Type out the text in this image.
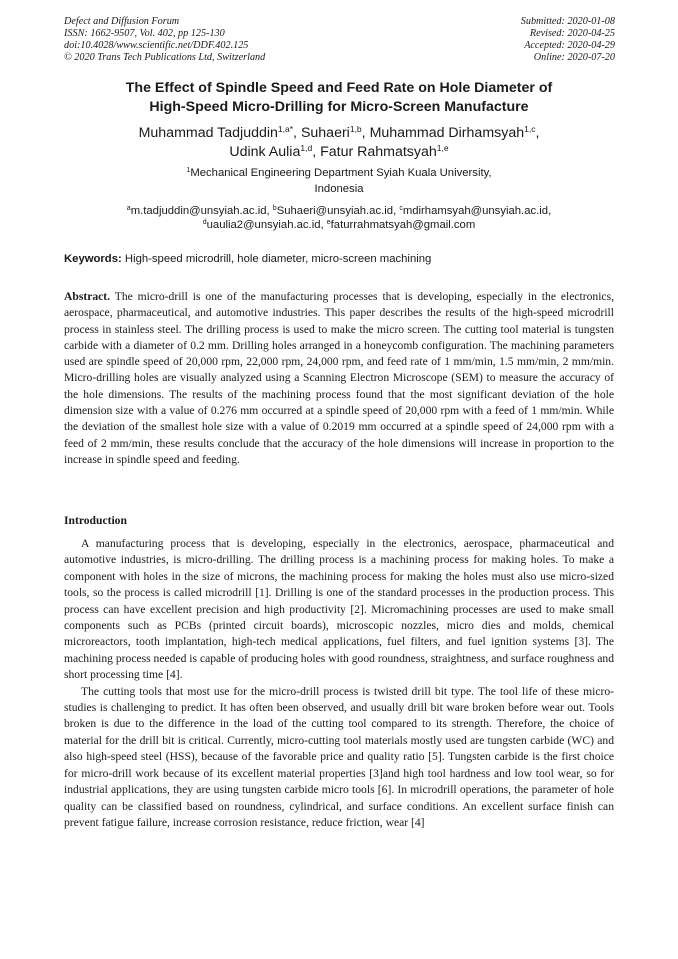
Defect and Diffusion Forum
ISSN: 1662-9507, Vol. 402, pp 125-130
doi:10.4028/www.scientific.net/DDF.402.125
© 2020 Trans Tech Publications Ltd, Switzerland
Submitted: 2020-01-08
Revised: 2020-04-25
Accepted: 2020-04-29
Online: 2020-07-20
The Effect of Spindle Speed and Feed Rate on Hole Diameter of
High-Speed Micro-Drilling for Micro-Screen Manufacture
Muhammad Tadjuddin$^{1,a*}$, Suhaeri$^{1,b}$, Muhammad Dirhamsyah$^{1,c}$,
Udink Aulia$^{1,d}$, Fatur Rahmatsyah$^{1,e}$
$^1$Mechanical Engineering Department Syiah Kuala University,
Indonesia
$^a$m.tadjuddin@unsyiah.ac.id, $^b$Suhaeri@unsyiah.ac.id, $^c$mdirhamsyah@unsyiah.ac.id,
$^d$uaulia2@unsyiah.ac.id, $^e$faturrahmatsyah@gmail.com
Keywords: High-speed microdrill, hole diameter, micro-screen machining

Abstract. The micro-drill is one of the manufacturing processes that is developing, especially in the electronics, aerospace, pharmaceutical, and automotive industries. This paper describes the results of the high-speed microdrill process in stainless steel. The drilling process is used to make the micro screen. The cutting tool material is tungsten carbide with a diameter of 0.2 mm. Drilling holes arranged in a honeycomb configuration. The machining parameters used are spindle speed of 20,000 rpm, 22,000 rpm, 24,000 rpm, and feed rate of 1 mm/min, 1.5 mm/min, 2 mm/min. Micro-drilling holes are visually analyzed using a Scanning Electron Microscope (SEM) to measure the accuracy of the hole dimensions. The results of the machining process found that the most significant deviation of the hole dimension size with a value of 0.276 mm occurred at a spindle speed of 20,000 rpm with a feed of 1 mm/min. While the deviation of the smallest hole size with a value of 0.2019 mm occurred at a spindle speed of 24,000 rpm with a feed of 2 mm/min, these results conclude that the accuracy of the hole dimensions will increase in proportion to the increase in spindle speed and feeding.

Introduction

A manufacturing process that is developing, especially in the electronics, aerospace, pharmaceutical and automotive industries, is micro-drilling. The drilling process is a machining process for making holes. To make a component with holes in the size of microns, the machining process for making the holes must also use micro-sized tools, so the process is called microdrill [1]. Drilling is one of the standard processes in the production process. This process can have excellent precision and high productivity [2]. Micromachining processes are used to make small components such as PCBs (printed circuit boards), microscopic nozzles, micro dies and molds, chemical microreactors, tooth implantation, high-tech medical applications, fuel filters, and fuel ignition systems [3]. The machining process needed is capable of producing holes with good roundness, straightness, and surface roughness and short processing time [4].

The cutting tools that most use for the micro-drill process is twisted drill bit type. The tool life of these micro-studies is challenging to predict. It has often been observed, and usually drill bit ware broken before wear out. Tools broken is due to the difference in the load of the cutting tool compared to its strength. Therefore, the choice of material for the drill bit is critical. Currently, micro-cutting tool materials mostly used are tungsten carbide (WC) and also high-speed steel (HSS), because of the favorable price and quality ratio [5]. Tungsten carbide is the first choice for micro-drill work because of its excellent material properties [3]and high tool hardness and low tool wear, so for industrial applications, they are using tungsten carbide micro tools [6]. In microdrill operations, the parameter of hole quality can be classified based on roundness, cylindrical, and surface conditions. An excellent surface finish can prevent fatigue failure, increase corrosion resistance, reduce friction, wear [4]
